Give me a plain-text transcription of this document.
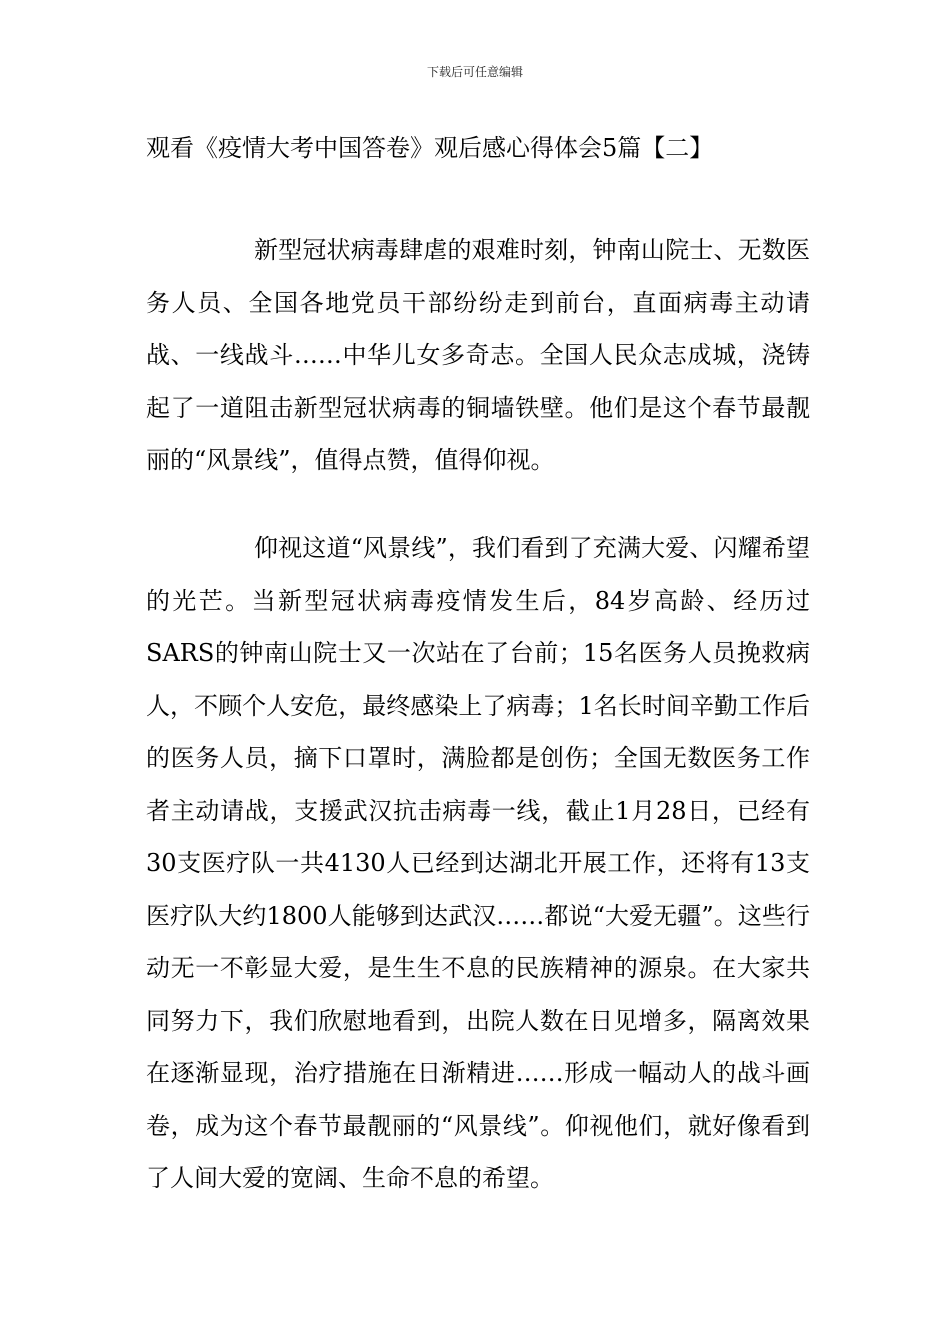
下载后可任意编辑
观看《疫情大考中国答卷》观后感心得体会5篇【二】

新型冠状病毒肆虐的艰难时刻，钟南山院士、无数医务人员、全国各地党员干部纷纷走到前台，直面病毒主动请战、一线战斗……中华儿女多奇志。全国人民众志成城，浇铸起了一道阻击新型冠状病毒的铜墙铁壁。他们是这个春节最靓丽的“风景线”，值得点赞，值得仰视。

仰视这道“风景线”，我们看到了充满大爱、闪耀希望的光芒。当新型冠状病毒疫情发生后，84岁高龄、经历过SARS的钟南山院士又一次站在了台前；15名医务人员挽救病人，不顾个人安危，最终感染上了病毒；1名长时间辛勤工作后的医务人员，摘下口罩时，满脸都是创伤；全国无数医务工作者主动请战，支援武汉抗击病毒一线，截止1月28日，已经有30支医疗队一共4130人已经到达湖北开展工作，还将有13支医疗队大约1800人能够到达武汉……都说“大爱无疆”。这些行动无一不彰显大爱，是生生不息的民族精神的源泉。在大家共同努力下，我们欣慰地看到，出院人数在日见增多，隔离效果在逐渐显现，治疗措施在日渐精进……形成一幅动人的战斗画卷，成为这个春节最靓丽的“风景线”。仰视他们，就好像看到了人间大爱的宽阔、生命不息的希望。
